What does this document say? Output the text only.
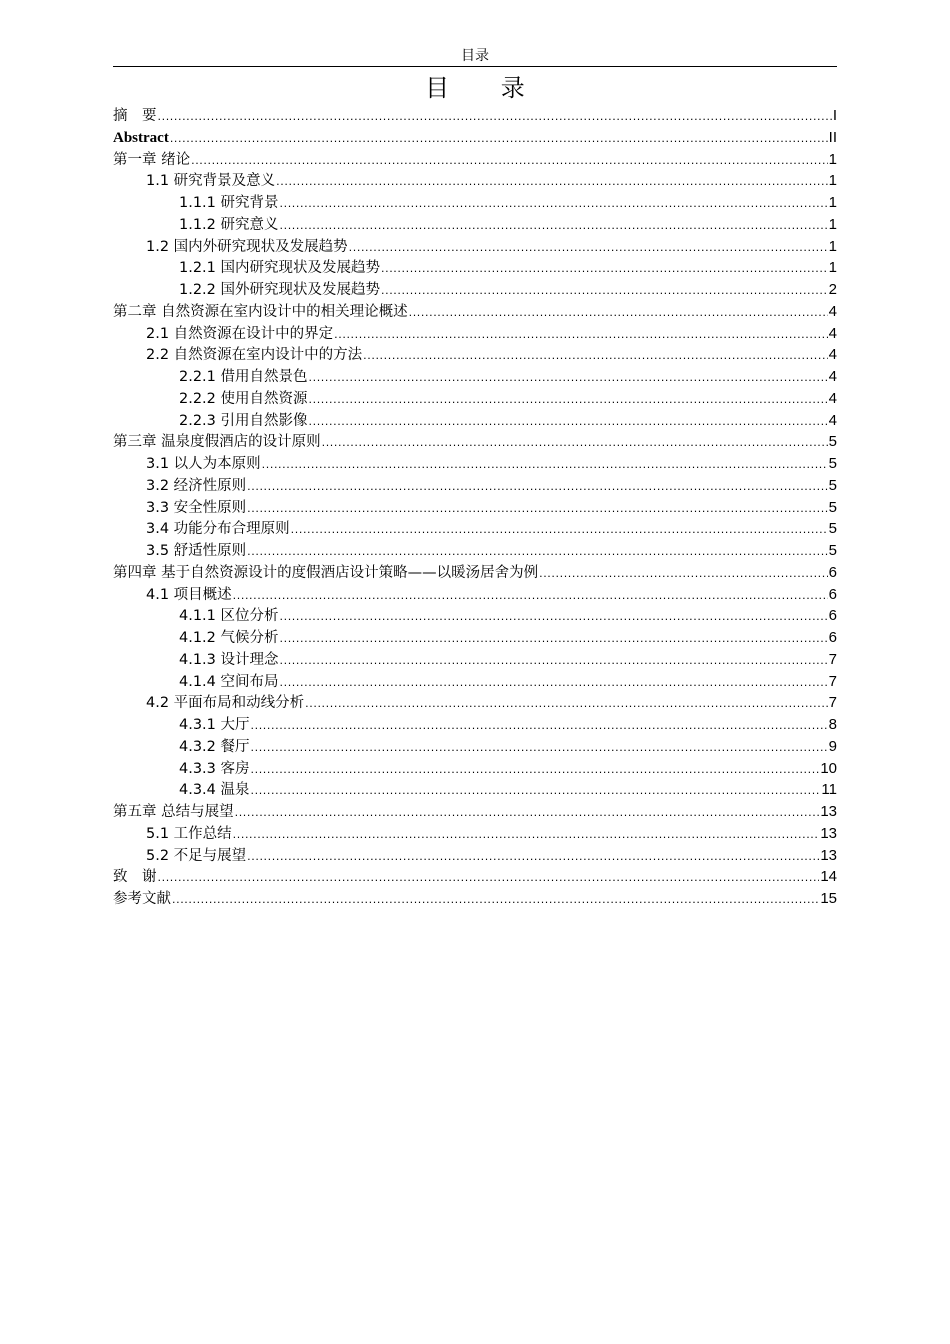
目录
目 录
摘　要 .....	I
Abstract .....	II
第一章 绪论 .....	1
1.1 研究背景及意义 .....	1
1.1.1 研究背景 .....	1
1.1.2 研究意义 .....	1
1.2 国内外研究现状及发展趋势 .....	1
1.2.1 国内研究现状及发展趋势 .....	1
1.2.2 国外研究现状及发展趋势 .....	2
第二章 自然资源在室内设计中的相关理论概述 .....	4
2.1 自然资源在设计中的界定 .....	4
2.2 自然资源在室内设计中的方法 .....	4
2.2.1 借用自然景色 .....	4
2.2.2 使用自然资源 .....	4
2.2.3 引用自然影像 .....	4
第三章 温泉度假酒店的设计原则 .....	5
3.1 以人为本原则 .....	5
3.2 经济性原则 .....	5
3.3 安全性原则 .....	5
3.4 功能分布合理原则 .....	5
3.5 舒适性原则 .....	5
第四章 基于自然资源设计的度假酒店设计策略——以暖汤居舍为例 .....	6
4.1 项目概述 .....	6
4.1.1 区位分析 .....	6
4.1.2 气候分析 .....	6
4.1.3 设计理念 .....	7
4.1.4 空间布局 .....	7
4.2 平面布局和动线分析 .....	7
4.3.1 大厅 .....	8
4.3.2 餐厅 .....	9
4.3.3 客房 .....	10
4.3.4 温泉 .....	11
第五章 总结与展望 .....	13
5.1 工作总结 .....	13
5.2 不足与展望 .....	13
致　谢 .....	14
参考文献 .....	15
